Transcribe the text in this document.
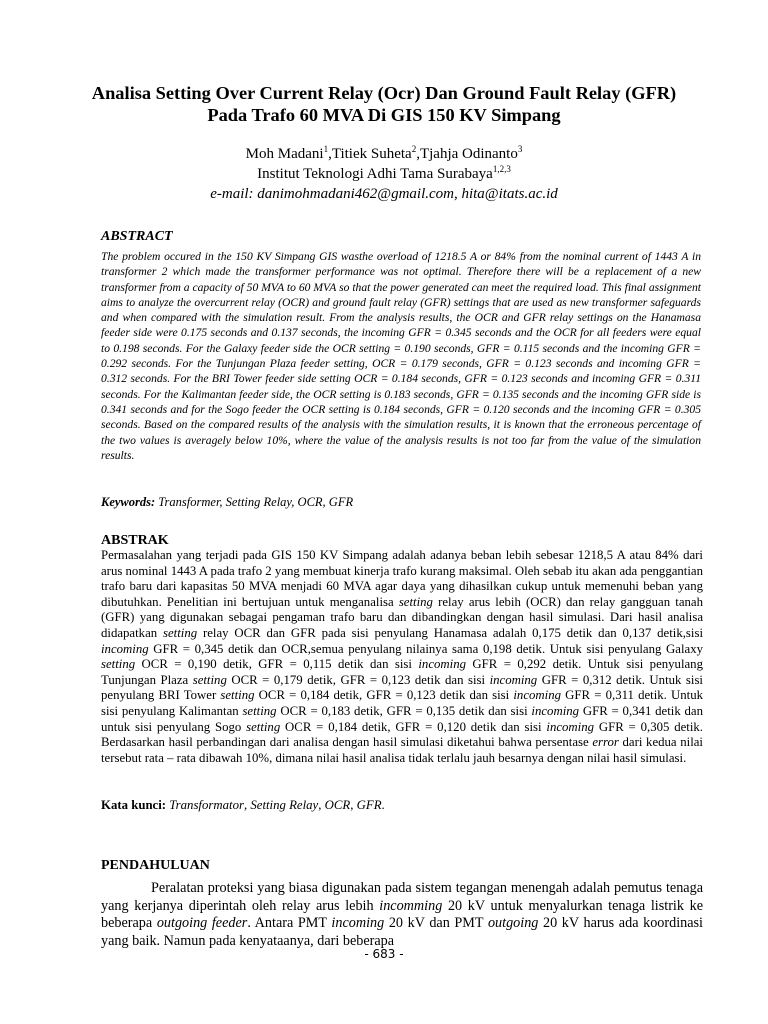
Analisa Setting Over Current Relay (Ocr) Dan Ground Fault Relay (GFR) Pada Trafo 60 MVA Di GIS 150 KV Simpang
Moh Madani$^1$,Titiek Suheta$^2$,Tjahja Odinanto$^3$
Institut Teknologi Adhi Tama Surabaya$^{1,2,3}$
e-mail: danimohmadani462@gmail.com, hita@itats.ac.id
ABSTRACT
The problem occured in the 150 KV Simpang GIS wasthe overload of 1218.5 A or 84% from the nominal current of 1443 A in transformer 2 which made the transformer performance was not optimal. Therefore there will be a replacement of a new transformer from a capacity of 50 MVA to 60 MVA so that the power generated can meet the required load. This final assignment aims to analyze the overcurrent relay (OCR) and ground fault relay (GFR) settings that are used as new transformer safeguards and when compared with the simulation result. From the analysis results, the OCR and GFR relay settings on the Hanamasa feeder side were 0.175 seconds and 0.137 seconds, the incoming GFR = 0.345 seconds and the OCR for all feeders were equal to 0.198 seconds. For the Galaxy feeder side the OCR setting = 0.190 seconds, GFR = 0.115 seconds and the incoming GFR = 0.292 seconds. For the Tunjungan Plaza feeder setting, OCR = 0.179 seconds, GFR = 0.123 seconds and incoming GFR = 0.312 seconds. For the BRI Tower feeder side setting OCR = 0.184 seconds, GFR = 0.123 seconds and incoming GFR = 0.311 seconds. For the Kalimantan feeder side, the OCR setting is 0.183 seconds, GFR = 0.135 seconds and the incoming GFR side is 0.341 seconds and for the Sogo feeder the OCR setting is 0.184 seconds, GFR = 0.120 seconds and the incoming GFR = 0.305 seconds. Based on the compared results of the analysis with the simulation results, it is known that the erroneous percentage of the two values is averagely below 10%, where the value of the analysis results is not too far from the value of the simulation results.
Keywords: Transformer, Setting Relay, OCR, GFR
ABSTRAK
Permasalahan yang terjadi pada GIS 150 KV Simpang adalah adanya beban lebih sebesar 1218,5 A atau 84% dari arus nominal 1443 A pada trafo 2 yang membuat kinerja trafo kurang maksimal. Oleh sebab itu akan ada penggantian trafo baru dari kapasitas 50 MVA menjadi 60 MVA agar daya yang dihasilkan cukup untuk memenuhi beban yang dibutuhkan. Penelitian ini bertujuan untuk menganalisa setting relay arus lebih (OCR) dan relay gangguan tanah (GFR) yang digunakan sebagai pengaman trafo baru dan dibandingkan dengan hasil simulasi. Dari hasil analisa didapatkan setting relay OCR dan GFR pada sisi penyulang Hanamasa adalah 0,175 detik dan 0,137 detik,sisi incoming GFR = 0,345 detik dan OCR,semua penyulang nilainya sama 0,198 detik. Untuk sisi penyulang Galaxy setting OCR = 0,190 detik, GFR = 0,115 detik dan sisi incoming GFR = 0,292 detik. Untuk sisi penyulang Tunjungan Plaza setting OCR = 0,179 detik, GFR = 0,123 detik dan sisi incoming GFR = 0,312 detik. Untuk sisi penyulang BRI Tower setting OCR = 0,184 detik, GFR = 0,123 detik dan sisi incoming GFR = 0,311 detik. Untuk sisi penyulang Kalimantan setting OCR = 0,183 detik, GFR = 0,135 detik dan sisi incoming GFR = 0,341 detik dan untuk sisi penyulang Sogo setting OCR = 0,184 detik, GFR = 0,120 detik dan sisi incoming GFR = 0,305 detik. Berdasarkan hasil perbandingan dari analisa dengan hasil simulasi diketahui bahwa persentase error dari kedua nilai tersebut rata – rata dibawah 10%, dimana nilai hasil analisa tidak terlalu jauh besarnya dengan nilai hasil simulasi.
Kata kunci: Transformator, Setting Relay, OCR, GFR.
PENDAHULUAN
Peralatan proteksi yang biasa digunakan pada sistem tegangan menengah adalah pemutus tenaga yang kerjanya diperintah oleh relay arus lebih incomming 20 kV untuk menyalurkan tenaga listrik ke beberapa outgoing feeder. Antara PMT incoming 20 kV dan PMT outgoing 20 kV harus ada koordinasi yang baik. Namun pada kenyataanya, dari beberapa
- 683 -
